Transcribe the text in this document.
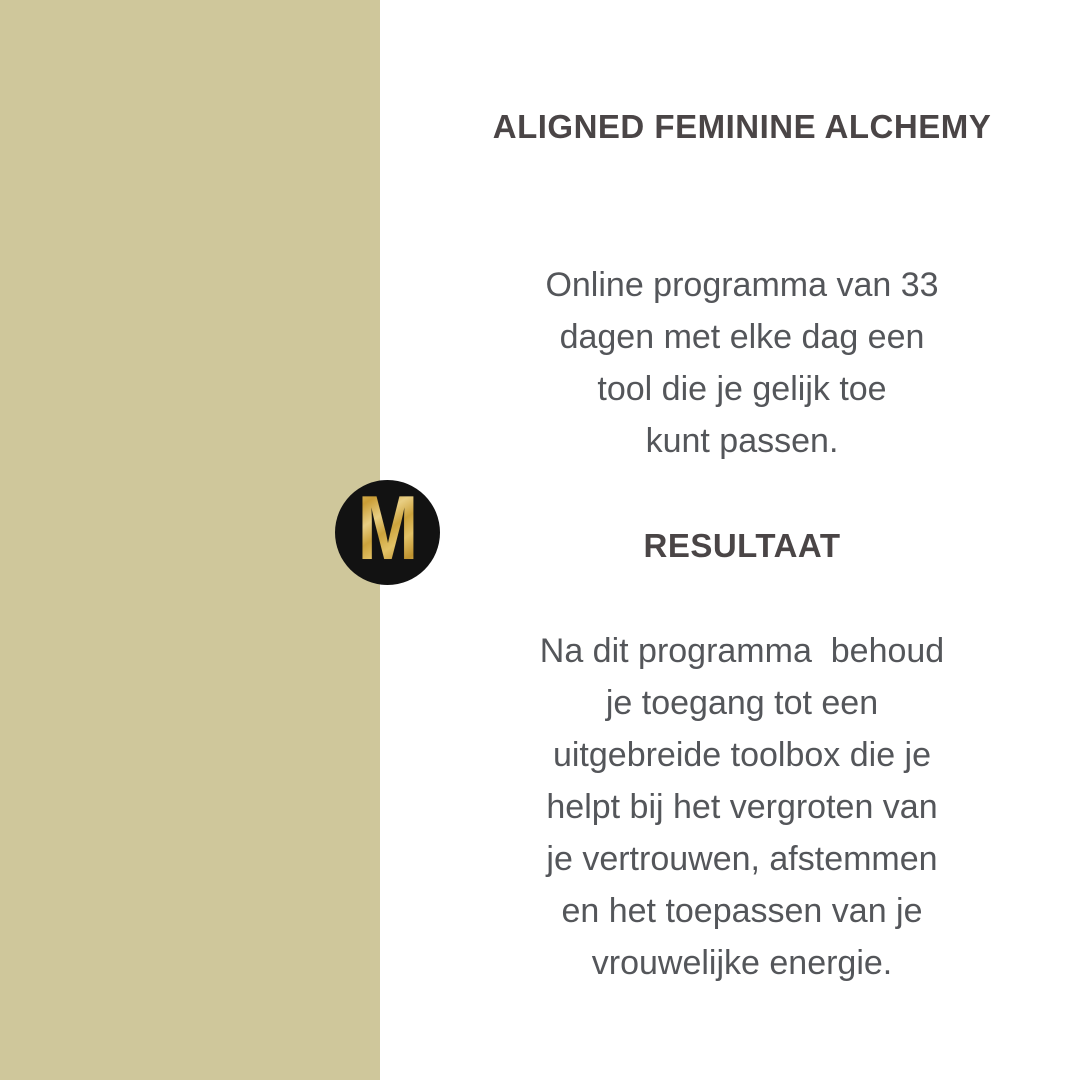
M
ALIGNED FEMININE ALCHEMY
Online programma van 33
dagen met elke dag een
tool die je gelijk toe
kunt passen.
RESULTAAT
Na dit programma  behoud
je toegang tot een
uitgebreide toolbox die je
helpt bij het vergroten van
je vertrouwen, afstemmen
en het toepassen van je
vrouwelijke energie.
